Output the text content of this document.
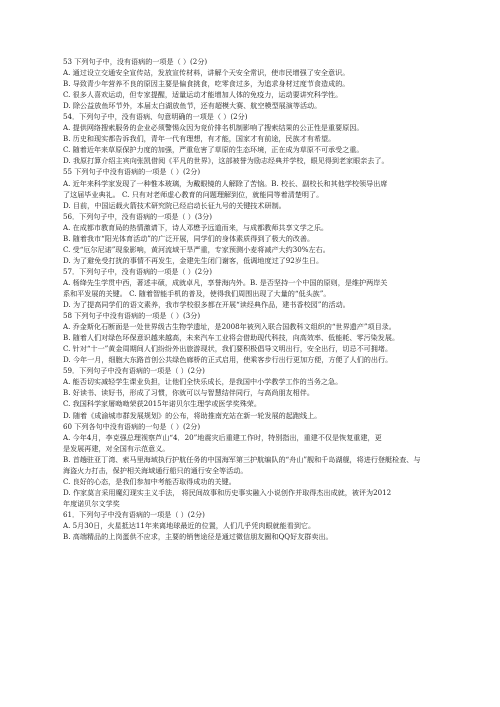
53 下列句子中，没有语病的一项是（ ）(2分)
A. 通过设立交通安全宣传站，发放宣传材料，讲解个天安全常识，使市民增强了安全意识。
B. 导致青少年营养不良的原因主要是偏食挑食，吃零食过多，为追求身材过度节食造成的。
C. 很多人喜欢运动，但专家提醒，适量运动才能增加人体的免疫力，运动要讲究科学性。
D. 除公益放鱼环节外，本届太白湖放鱼节，还有超模大赛、航空模型展演等活动。
54．下列句子中，没有语病、句意明确的一项是（ ）(2分)
A. 提供网络搜索服务的企业必须警惕众因为竞价排名机制影响了搜索结果的公正性是重要原因。
B. 历史和现实都告诉我们，青年一代有理想，有才能，国家才有前途，民族才有希望。
C. 随着近年来草原保护力度的加强，严重危害了草原的生态环境，正在成为草原不可承受之重。
D. 我原打算介绍主宾向张凯借阅《平凡的世界》，这部被誉为励志经典并学校，眼见得到老家眼亲去了。
55 下列句子中没有语病的一项是（ ）(2分)
A. 近年来科学家发现了一种惟本玻璃，为戴眼镜的人解除了苦恼。B. 校长、副校长和其他学校领导出席
了这届毕业典礼。 C. 只有对老师虚心教育的问题理解到位，就能同等着清楚明了。
D. 目前，中国运载火箭技术研究院已经启动长征九号的关键技术研制。
56．下列句子中，没有语病的一项是（ ）(3分)
A. 在成都市教育局的热情激请下，诗人邓懋予远道而来，与成都教师共享文学之乐。
B. 随着我市“阳光体育活动”的广泛开展，同学们的身体素质得到了极大的改善。
C. 受“厄尔尼诺”现象影响，黄河流域干旱严重，专家预测小麦将减产大约30%左右。
D. 为了避免受打扰的事情不再发生，金建先生闭门谢客，低调地度过了92岁生日。
57．下列句子中，没有语病的一项是（ ）(2分)
A. 杨绛先生学贯中西，著述丰硕，成就卓凡，享誉海内外。B. 是否坚持一个中国的原则，是维护两岸关
系和平发展的关键。 C. 随着智能手机的普及，使得我们周围出现了大量的“低头族”。
D. 为了提高同学们的语文素养，我市学校很多都在开展“读经典作品，建书香校园”的活动。
58 下列句子中没有语病的一项是（ ）(3分)
A. 乔金斯化石断面是一处世界级古生物学遗址，是2008年被列入联合国教科文组织的“世界遗产”项目录。
B. 随着人们对绿色环保意识越来越高，未来汽车工业将会借助现代科技，向高效率、低能耗、零污染发展。
C. 针对“十一”黄金周期间人们纷纷外出旅游现状，我们要积极倡导文明出行，安全出行，切忌不可拥堵。
D. 今年一月，细胞大东路首创公共绿色廊桥的正式启用，使乘客步行出行更加方便，方便了人们的出行。
59．下列句子中没有语病的一项是（ ）(2分)
A. 能否切实减轻学生课业负担，让他们全快乐成长，是我国中小学教学工作的当务之急。
B. 好读书、读好书，形成了习惯，你就可以与智慧结伴同行，与高尚朋友相伴。
C. 我国科学家屠呦呦荣获2015年诺贝尔生理学或医学奖殊荣。
D. 随着《成渝城市群发展规划》的公布，将助推南充站在新一轮发展的起跑线上。
60 下列各句中没有语病的一句是（ ）(2分)
A. 今年4月，李克强总理视察芦山“4．20”地震灾后重建工作时，特别指出，重建不仅是恢复重建，更
是发展再建，对全国有示范意义。
B. 首趟驻亚丁湾、索马里海域执行护航任务的中国海军第三护航编队的“舟山”舰和千岛湖舰，将进行登艇检查、与
海盗火力打击，保护相关海域通行船只的通行安全等活动。
C. 良好的心态，是我们参加中考能否取得成功的关键。
D. 作家莫言采用魔幻现实主义手法， 将民间故事和历史事实融入小说创作并取得杰出成就，被评为2012
年度诺贝尔文学奖
61．下列句子中没有语病的一项是（ ）(2分)
A. 5月30日，火星抵达11年来离地球最近的位置，人们几乎凭肉眼就能看到它。
B. 高端精品的上岗蛋供不应求，主要的销售途径是通过微信朋友圈和QQ好友群卖出。
